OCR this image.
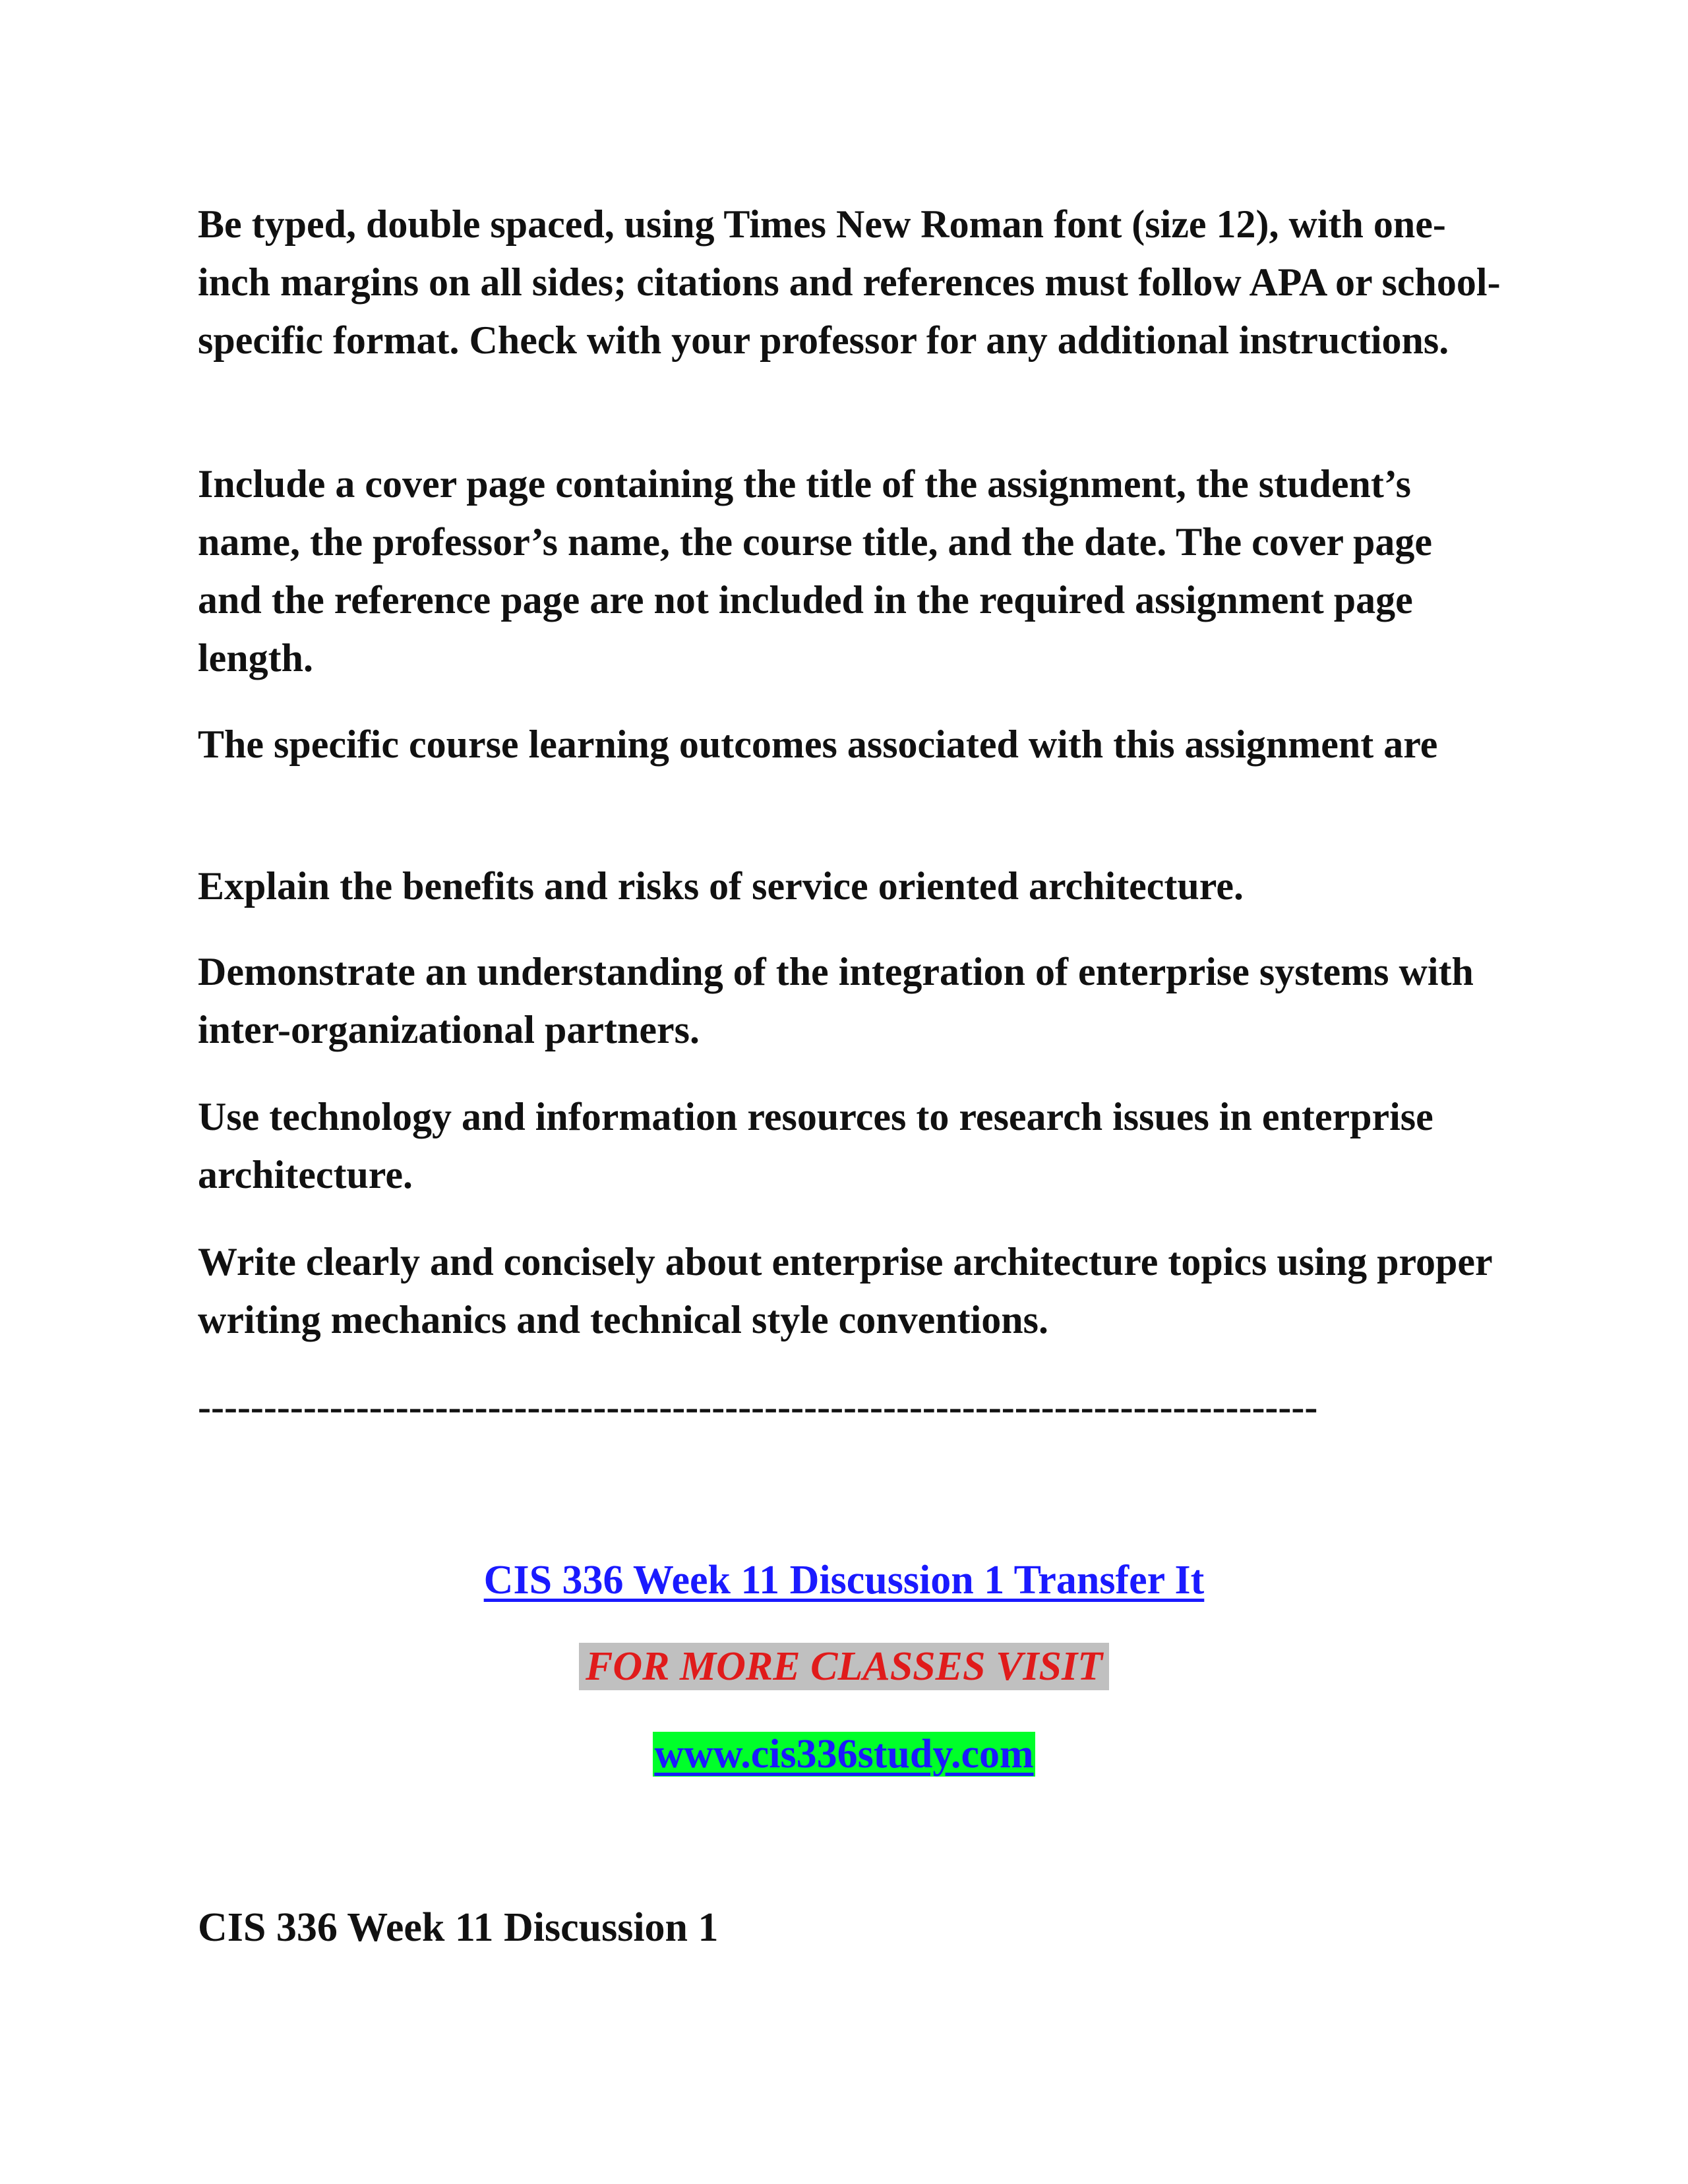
Be typed, double spaced, using Times New Roman font (size 12), with one-inch margins on all sides; citations and references must follow APA or school-specific format. Check with your professor for any additional instructions.

Include a cover page containing the title of the assignment, the student’s name, the professor’s name, the course title, and the date. The cover page and the reference page are not included in the required assignment page length.

The specific course learning outcomes associated with this assignment are

Explain the benefits and risks of service oriented architecture.

Demonstrate an understanding of the integration of enterprise systems with inter-organizational partners.

Use technology and information resources to research issues in enterprise architecture.

Write clearly and concisely about enterprise architecture topics using proper writing mechanics and technical style conventions.

-------------------------------------------------------------------------------------

CIS 336 Week 11 Discussion 1 Transfer It

FOR MORE CLASSES VISIT

www.cis336study.com

CIS 336 Week 11 Discussion 1
